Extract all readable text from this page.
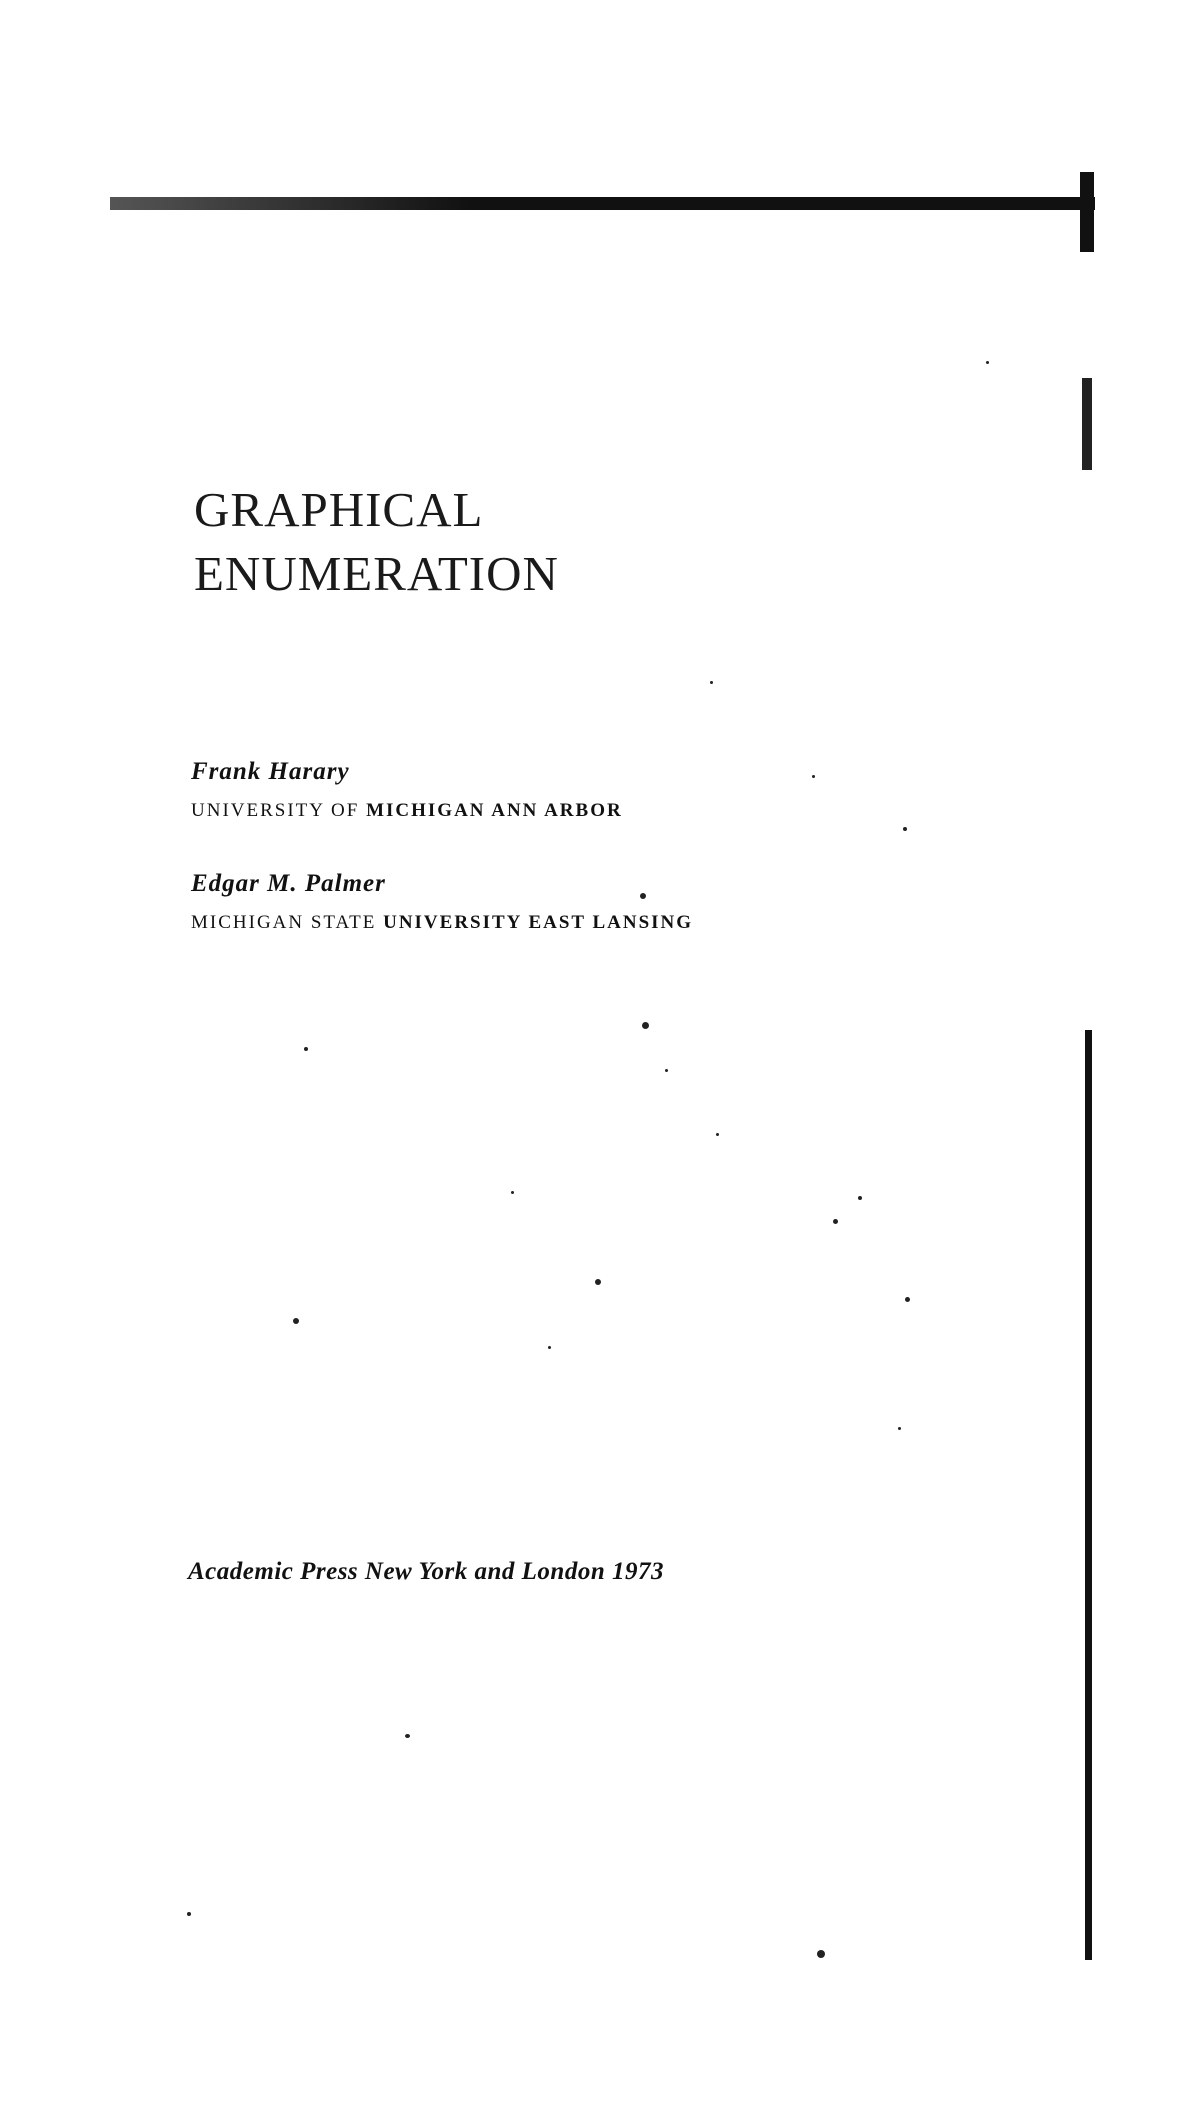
GRAPHICAL
ENUMERATION
Frank Harary
UNIVERSITY OF MICHIGAN ANN ARBOR
Edgar M. Palmer
MICHIGAN STATE UNIVERSITY EAST LANSING
Academic Press New York and London 1973
